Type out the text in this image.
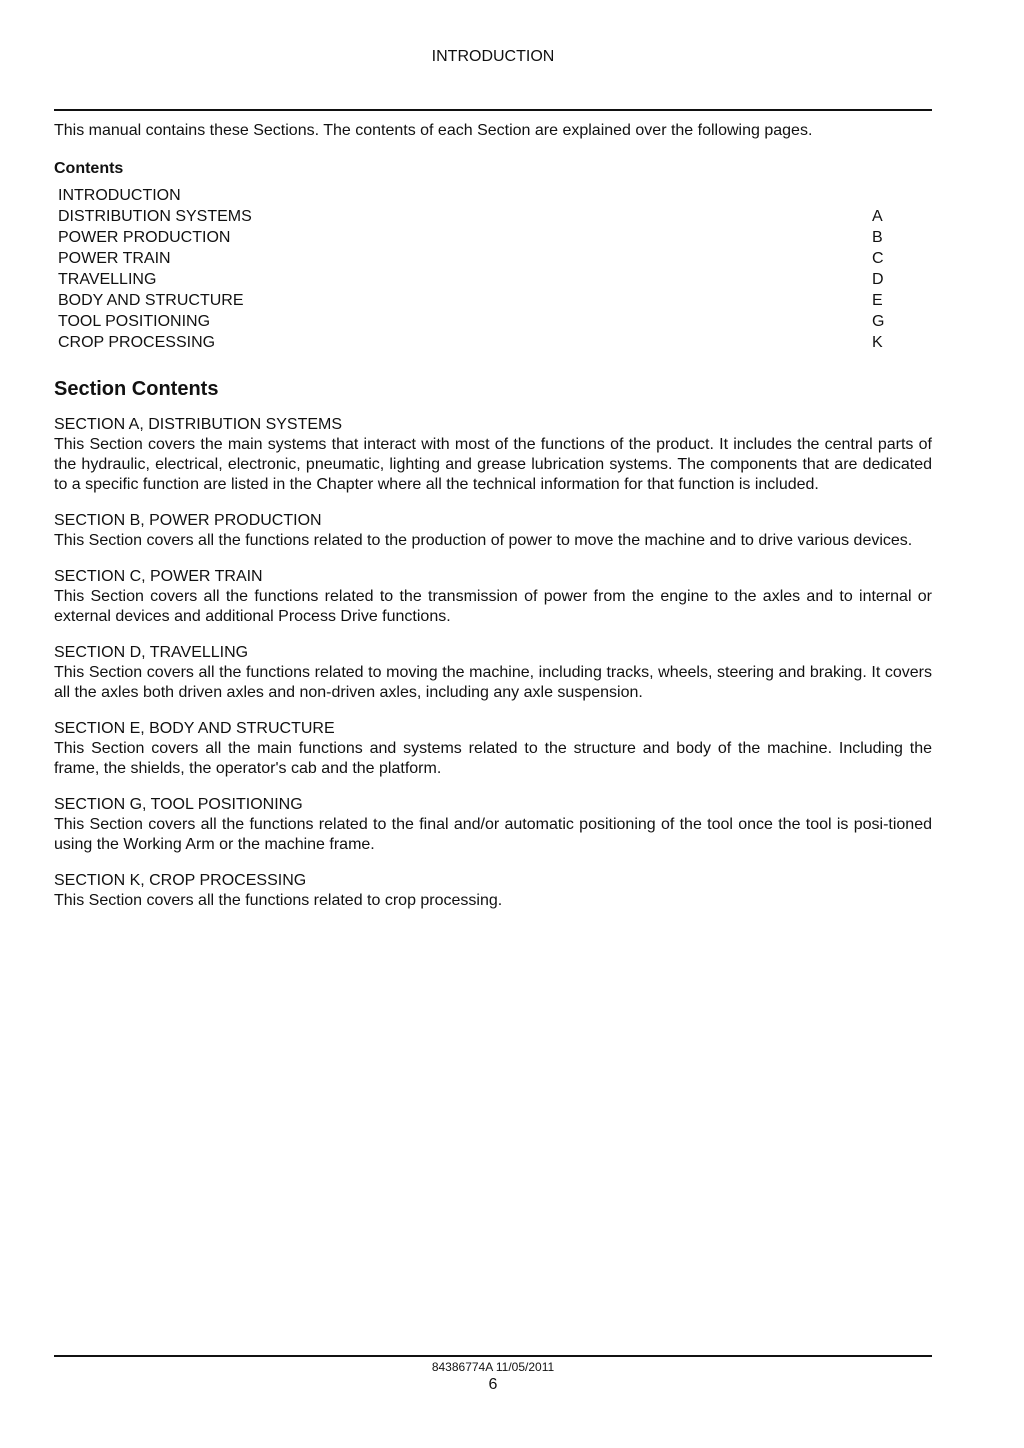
INTRODUCTION

This manual contains these Sections. The contents of each Section are explained over the following pages.

Contents
INTRODUCTION
DISTRIBUTION SYSTEMS	A
POWER PRODUCTION	B
POWER TRAIN	C
TRAVELLING	D
BODY AND STRUCTURE	E
TOOL POSITIONING	G
CROP PROCESSING	K
Section Contents

SECTION A, DISTRIBUTION SYSTEMS

This Section covers the main systems that interact with most of the functions of the product. It includes the central parts of the hydraulic, electrical, electronic, pneumatic, lighting and grease lubrication systems. The components that are dedicated to a specific function are listed in the Chapter where all the technical information for that function is included.

SECTION B, POWER PRODUCTION

This Section covers all the functions related to the production of power to move the machine and to drive various devices.

SECTION C, POWER TRAIN

This Section covers all the functions related to the transmission of power from the engine to the axles and to internal or external devices and additional Process Drive functions.

SECTION D, TRAVELLING

This Section covers all the functions related to moving the machine, including tracks, wheels, steering and braking. It covers all the axles both driven axles and non-driven axles, including any axle suspension.

SECTION E, BODY AND STRUCTURE

This Section covers all the main functions and systems related to the structure and body of the machine. Including the frame, the shields, the operator's cab and the platform.

SECTION G, TOOL POSITIONING

This Section covers all the functions related to the final and/or automatic positioning of the tool once the tool is posi-tioned using the Working Arm or the machine frame.

SECTION K, CROP PROCESSING

This Section covers all the functions related to crop processing.

84386774A 11/05/2011
6
